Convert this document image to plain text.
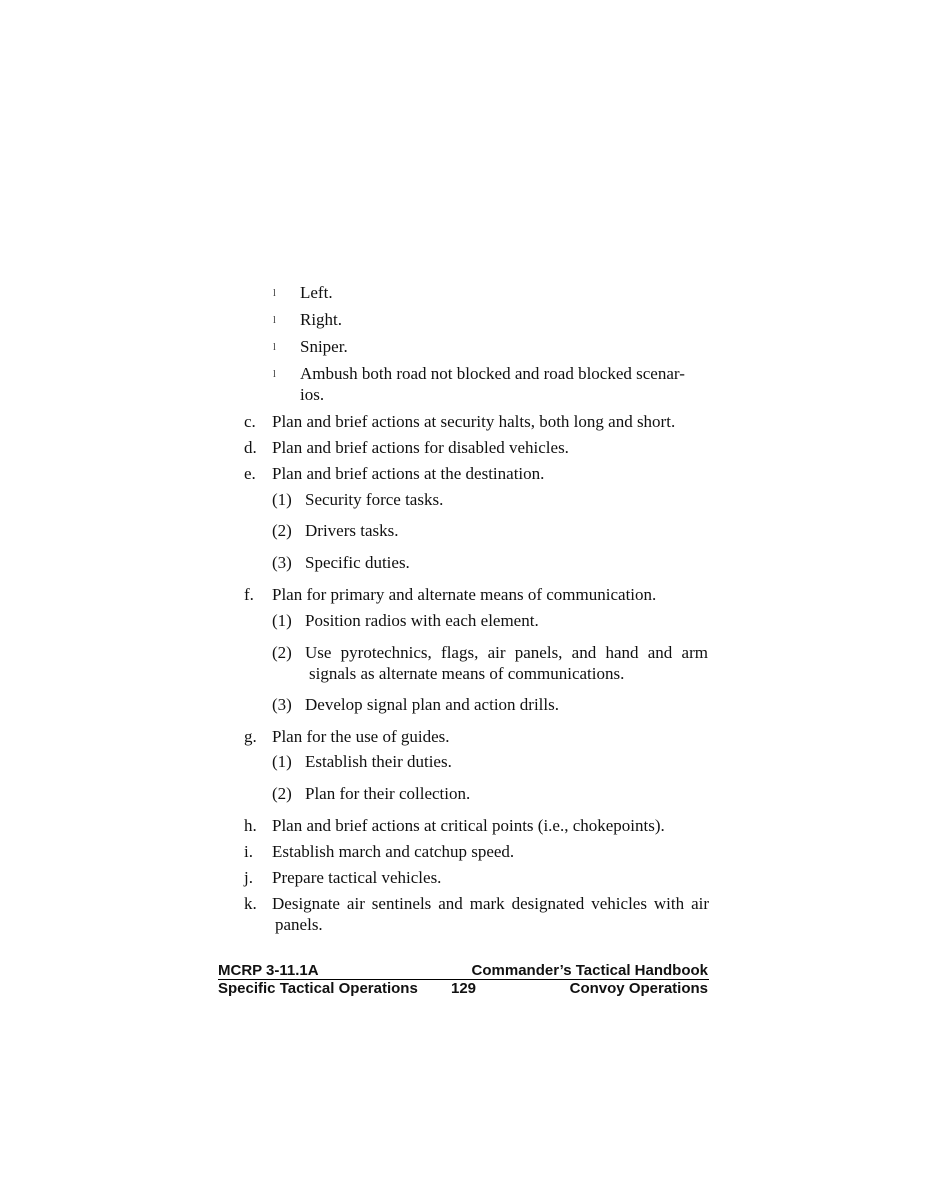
l Left.
l Right.
l Sniper.
l Ambush both road not blocked and road blocked scenar-
ios.
c. Plan and brief actions at security halts, both long and short.
d. Plan and brief actions for disabled vehicles.
e. Plan and brief actions at the destination.
(1) Security force tasks.
(2) Drivers tasks.
(3) Specific duties.
f. Plan for primary and alternate means of communication.
(1) Position radios with each element.
(2) Use pyrotechnics, flags, air panels, and hand and arm
signals as alternate means of communications.
(3) Develop signal plan and action drills.
g. Plan for the use of guides.
(1) Establish their duties.
(2) Plan for their collection.
h. Plan and brief actions at critical points (i.e., chokepoints).
i. Establish march and catchup speed.
j. Prepare tactical vehicles.
k. Designate air sentinels and mark designated vehicles with air
panels.
MCRP 3-11.1A	Commander’s Tactical Handbook
Specific Tactical Operations 129	Convoy Operations
